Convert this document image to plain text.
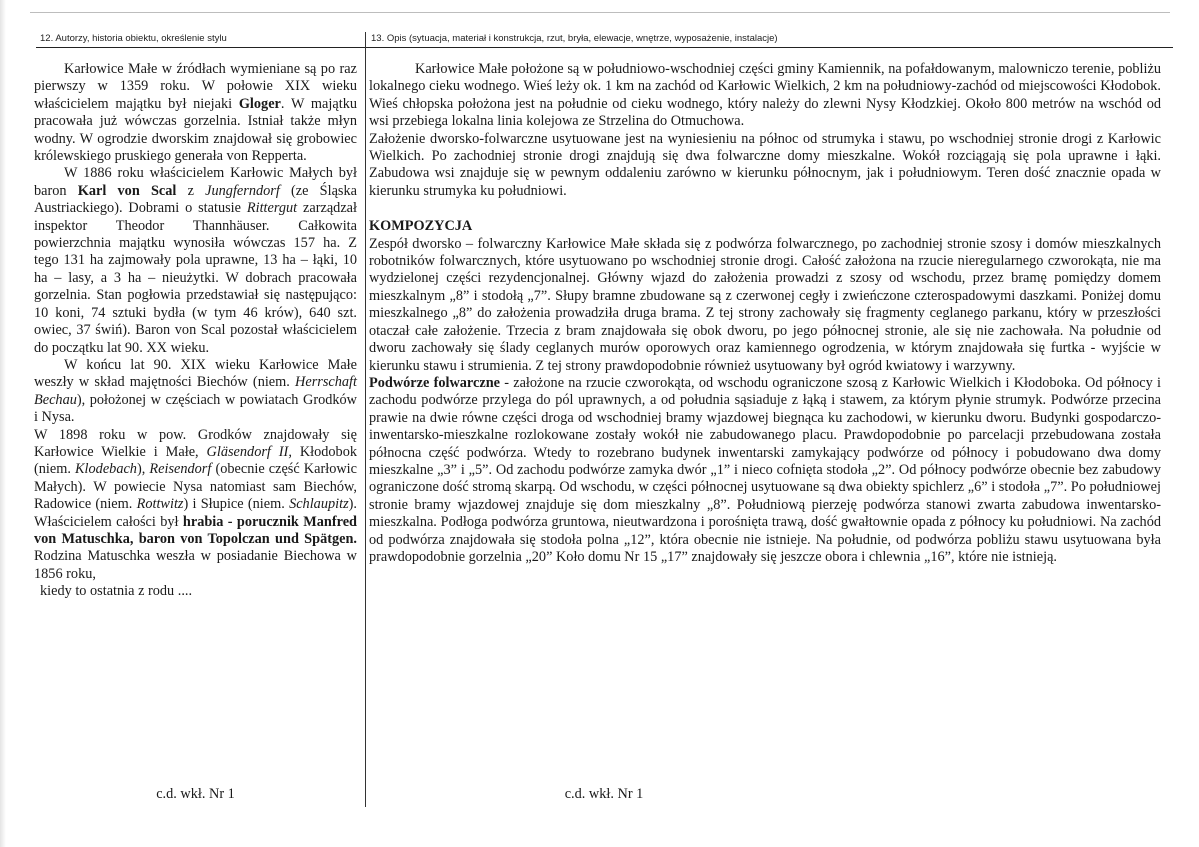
12. Autorzy, historia obiektu, określenie stylu	13. Opis (sytuacja, materiał i konstrukcja, rzut, bryła, elewacje, wnętrze, wyposażenie, instalacje)

Karłowice Małe w źródłach wymieniane są po raz pierwszy w 1359 roku. W połowie XIX wieku właścicielem majątku był niejaki Gloger. W majątku pracowała już wówczas gorzelnia. Istniał także młyn wodny. W ogrodzie dworskim znajdował się grobowiec królewskiego pruskiego generała von Repperta.

W 1886 roku właścicielem Karłowic Małych był baron Karl von Scal z Jungferndorf (ze Śląska Austriackiego). Dobrami o statusie Rittergut zarządzał inspektor Theodor Thannhäuser. Całkowita powierzchnia majątku wynosiła wówczas 157 ha. Z tego 131 ha zajmowały pola uprawne, 13 ha – łąki, 10 ha – lasy, a 3 ha – nieużytki. W dobrach pracowała gorzelnia. Stan pogłowia przedstawiał się następująco: 10 koni, 74 sztuki bydła (w tym 46 krów), 640 szt. owiec, 37 świń). Baron von Scal pozostał właścicielem do początku lat 90. XX wieku.

W końcu lat 90. XIX wieku Karłowice Małe weszły w skład majętności Biechów (niem. Herrschaft Bechau), położonej w częściach w powiatach Grodków i Nysa.

W 1898 roku w pow. Grodków znajdowały się Karłowice Wielkie i Małe, Gläsendorf II, Kłodobok (niem. Klodebach), Reisendorf (obecnie część Karłowic Małych). W powiecie Nysa natomiast sam Biechów, Radowice (niem. Rottwitz) i Słupice (niem. Schlaupitz). Właścicielem całości był hrabia - porucznik Manfred von Matuschka, baron von Topolczan und Spätgen. Rodzina Matuschka weszła w posiadanie Biechowa w 1856 roku,

kiedy to ostatnia z rodu ....

c.d. wkł. Nr 1

Karłowice Małe położone są w południowo-wschodniej części gminy Kamiennik, na pofałdowanym, malowniczo terenie, pobliżu lokalnego cieku wodnego. Wieś leży ok. 1 km na zachód od Karłowic Wielkich, 2 km na południowy-zachód od miejscowości Kłodobok. Wieś chłopska położona jest na południe od cieku wodnego, który należy do zlewni Nysy Kłodzkiej. Około 800 metrów na wschód od wsi przebiega lokalna linia kolejowa ze Strzelina do Otmuchowa.

Założenie dworsko-folwarczne usytuowane jest na wyniesieniu na północ od strumyka i stawu, po wschodniej stronie drogi z Karłowic Wielkich. Po zachodniej stronie drogi znajdują się dwa folwarczne domy mieszkalne. Wokół rozciągają się pola uprawne i łąki. Zabudowa wsi znajduje się w pewnym oddaleniu zarówno w kierunku północnym, jak i południowym. Teren dość znacznie opada w kierunku strumyka ku południowi.

KOMPOZYCJA

Zespół dworsko – folwarczny Karłowice Małe składa się z podwórza folwarcznego, po zachodniej stronie szosy i domów mieszkalnych robotników folwarcznych, które usytuowano po wschodniej stronie drogi. Całość założona na rzucie nieregularnego czworokąta, nie ma wydzielonej części rezydencjonalnej. Główny wjazd do założenia prowadzi z szosy od wschodu, przez bramę pomiędzy domem mieszkalnym „8” i stodołą „7”. Słupy bramne zbudowane są z czerwonej cegły i zwieńczone czterospadowymi daszkami. Poniżej domu mieszkalnego „8” do założenia prowadziła druga brama. Z tej strony zachowały się fragmenty ceglanego parkanu, który w przeszłości otaczał całe założenie. Trzecia z bram znajdowała się obok dworu, po jego północnej stronie, ale się nie zachowała. Na południe od dworu zachowały się ślady ceglanych murów oporowych oraz kamiennego ogrodzenia, w którym znajdowała się furtka - wyjście w kierunku stawu i strumienia. Z tej strony prawdopodobnie również usytuowany był ogród kwiatowy i warzywny.

Podwórze folwarczne - założone na rzucie czworokąta, od wschodu ograniczone szosą z Karłowic Wielkich i Kłodoboka. Od północy i zachodu podwórze przylega do pól uprawnych, a od południa sąsiaduje z łąką i stawem, za którym płynie strumyk. Podwórze przecina prawie na dwie równe części droga od wschodniej bramy wjazdowej biegnąca ku zachodowi, w kierunku dworu. Budynki gospodarczo-inwentarsko-mieszkalne rozlokowane zostały wokół nie zabudowanego placu. Prawdopodobnie po parcelacji przebudowana została północna część podwórza. Wtedy to rozebrano budynek inwentarski zamykający podwórze od północy i pobudowano dwa domy mieszkalne „3” i „5”. Od zachodu podwórze zamyka dwór „1” i nieco cofnięta stodoła „2”. Od północy podwórze obecnie bez zabudowy ograniczone dość stromą skarpą. Od wschodu, w części północnej usytuowane są dwa obiekty spichlerz „6” i stodoła „7”. Po południowej stronie bramy wjazdowej znajduje się dom mieszkalny „8”. Południową pierzeję podwórza stanowi zwarta zabudowa inwentarsko-mieszkalna. Podłoga podwórza gruntowa, nieutwardzona i porośnięta trawą, dość gwałtownie opada z północy ku południowi. Na zachód od podwórza znajdowała się stodoła polna „12”, która obecnie nie istnieje. Na południe, od podwórza pobliżu stawu usytuowana była prawdopodobnie gorzelnia „20” Koło domu Nr 15 „17” znajdowały się jeszcze obora i chlewnia „16”, które nie istnieją.

c.d. wkł. Nr 1
